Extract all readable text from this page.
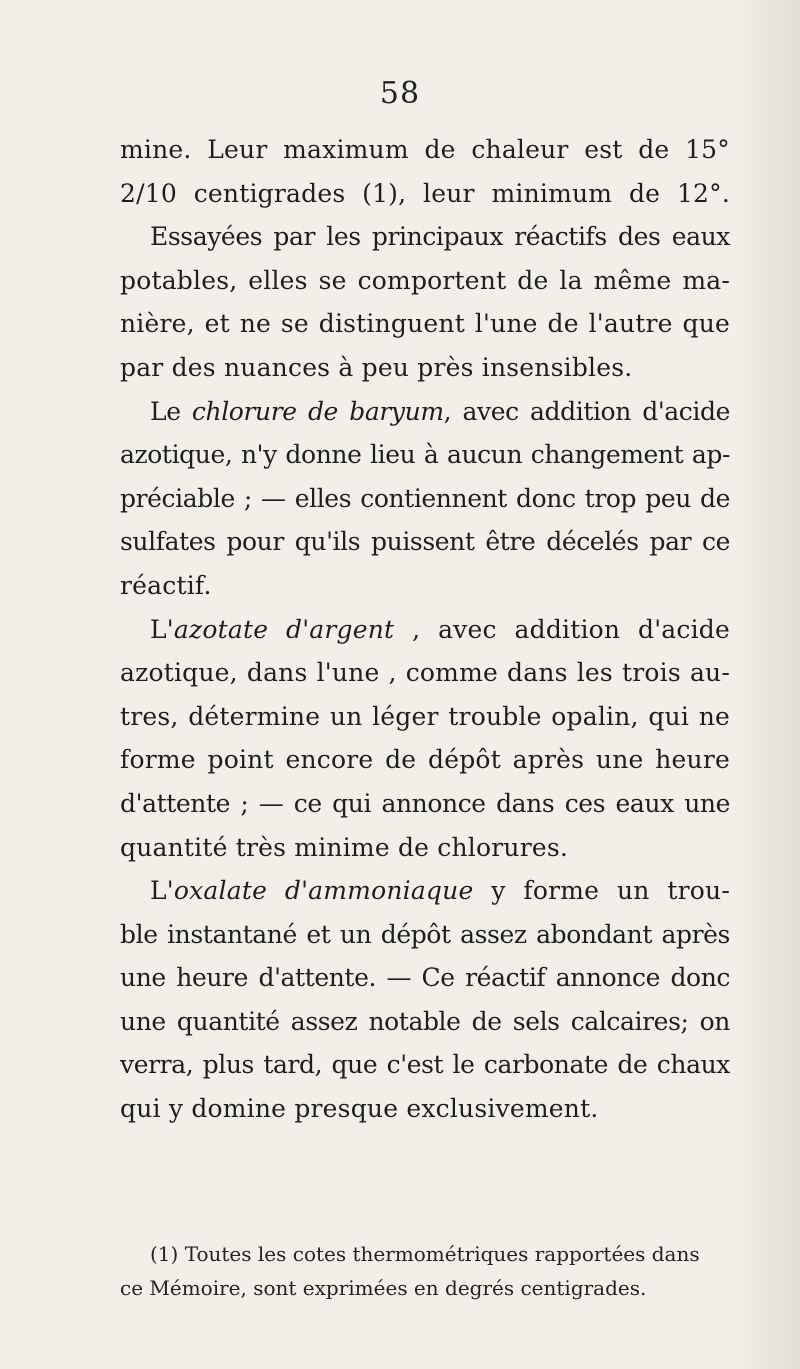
58
mine. Leur maximum de chaleur est de 15°
2/10 centigrades (1), leur minimum de 12°.
Essayées par les principaux réactifs des eaux
potables, elles se comportent de la même ma-
nière, et ne se distinguent l'une de l'autre que
par des nuances à peu près insensibles.
Le chlorure de baryum, avec addition d'acide
azotique, n'y donne lieu à aucun changement ap-
préciable ; — elles contiennent donc trop peu de
sulfates pour qu'ils puissent être décelés par ce
réactif.
L'azotate d'argent , avec addition d'acide
azotique, dans l'une , comme dans les trois au-
tres, détermine un léger trouble opalin, qui ne
forme point encore de dépôt après une heure
d'attente ; — ce qui annonce dans ces eaux une
quantité très minime de chlorures.
L'oxalate d'ammoniaque y forme un trou-
ble instantané et un dépôt assez abondant après
une heure d'attente. — Ce réactif annonce donc
une quantité assez notable de sels calcaires; on
verra, plus tard, que c'est le carbonate de chaux
qui y domine presque exclusivement.
(1) Toutes les cotes thermométriques rapportées dans
ce Mémoire, sont exprimées en degrés centigrades.
